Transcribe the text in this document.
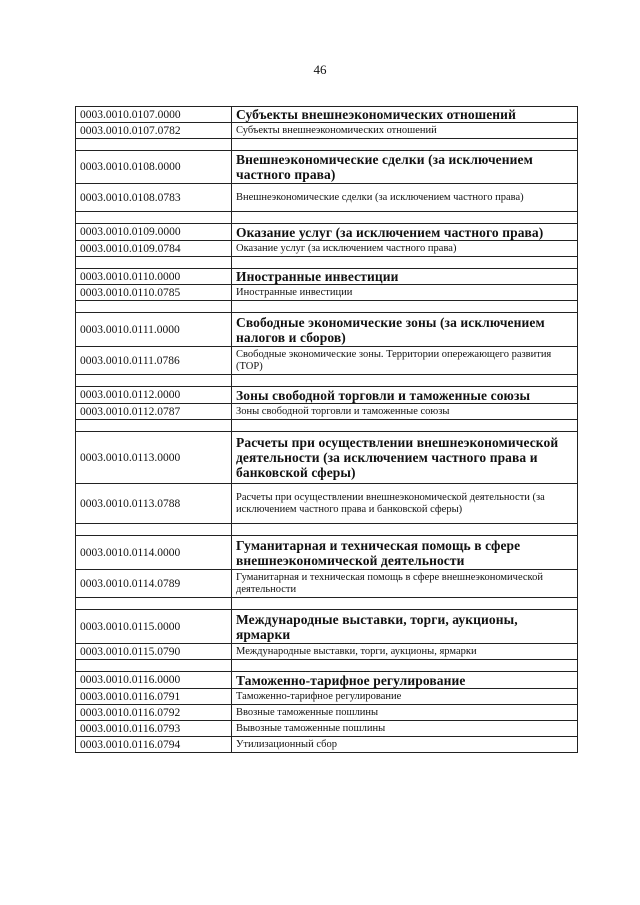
46
0003.0010.0107.0000	Субъекты внешнеэкономических отношений
0003.0010.0107.0782	Субъекты внешнеэкономических отношений

0003.0010.0108.0000	Внешнеэкономические сделки (за исключением частного права)
0003.0010.0108.0783	Внешнеэкономические сделки (за исключением частного права)

0003.0010.0109.0000	Оказание услуг (за исключением частного права)
0003.0010.0109.0784	Оказание услуг (за исключением частного права)

0003.0010.0110.0000	Иностранные инвестиции
0003.0010.0110.0785	Иностранные инвестиции

0003.0010.0111.0000	Свободные экономические зоны (за исключением налогов и сборов)
0003.0010.0111.0786	Свободные экономические зоны. Территории опережающего развития (ТОР)

0003.0010.0112.0000	Зоны свободной торговли и таможенные союзы
0003.0010.0112.0787	Зоны свободной торговли и таможенные союзы

0003.0010.0113.0000	Расчеты при осуществлении внешнеэкономической деятельности (за исключением частного права и банковской сферы)
0003.0010.0113.0788	Расчеты при осуществлении внешнеэкономической деятельности (за исключением частного права и банковской сферы)

0003.0010.0114.0000	Гуманитарная и техническая помощь в сфере внешнеэкономической деятельности
0003.0010.0114.0789	Гуманитарная и техническая помощь в сфере внешнеэкономической деятельности

0003.0010.0115.0000	Международные выставки, торги, аукционы, ярмарки
0003.0010.0115.0790	Международные выставки, торги, аукционы, ярмарки

0003.0010.0116.0000	Таможенно-тарифное регулирование
0003.0010.0116.0791	Таможенно-тарифное регулирование
0003.0010.0116.0792	Ввозные таможенные пошлины
0003.0010.0116.0793	Вывозные таможенные пошлины
0003.0010.0116.0794	Утилизационный сбор
